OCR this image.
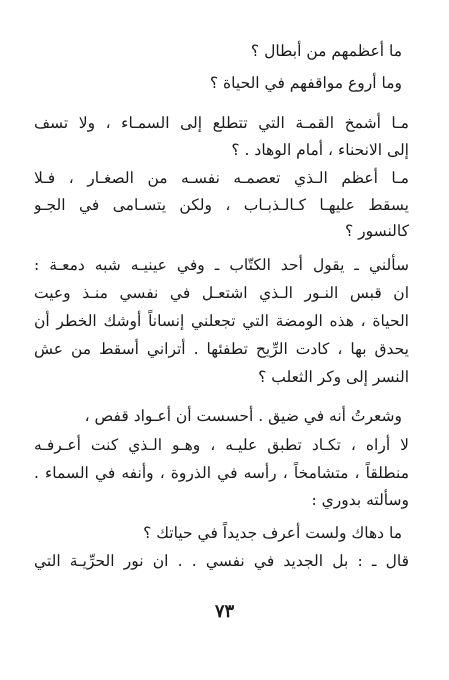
ما أعظمهم من أبطال ؟
وما أروع مواقفهم في الحياة ؟
مـا أشمخ القمـة التي تتطلع إلى السمـاء ، ولا تسف
إلى الانحناء ، أمام الوهاد . ؟
مـا أعظم الـذي تعصمـه نفسـه من الصغـار ، فـلا
يسقط عليهـا كـالـذبـاب ، ولكن يتسـامى في الجـو
كالنسور ؟
سألني ـ يقول أحد الكتّاب ـ وفي عينيـه شبه دمعـة :
ان قبس النـور الـذي اشتعـل في نفسي منـذ وعيت
الحياة ، هذه الومضة التي تجعلني إنساناً أوشك الخطر أن
يحدق بها ، كادت الرِّيح تطفئها . أتراني أسقط من عش
النسر إلى وكر الثعلب ؟
وشعرتُ أنه في ضيق . أحسست أن أعـواد قفص ،
لا أراه ، تكـاد تطبق عليـه ، وهـو الـذي كنت أعـرفـه
منطلقاً ، متشامخاً ، رأسه في الذروة ، وأنفه في السماء .
وسألته بدوري :
ما دهاك ولست أعرف جديداً في حياتك ؟
قال ـ : بل الجديد في نفسي . . ان نور الحرِّيـة التي
٧٣
